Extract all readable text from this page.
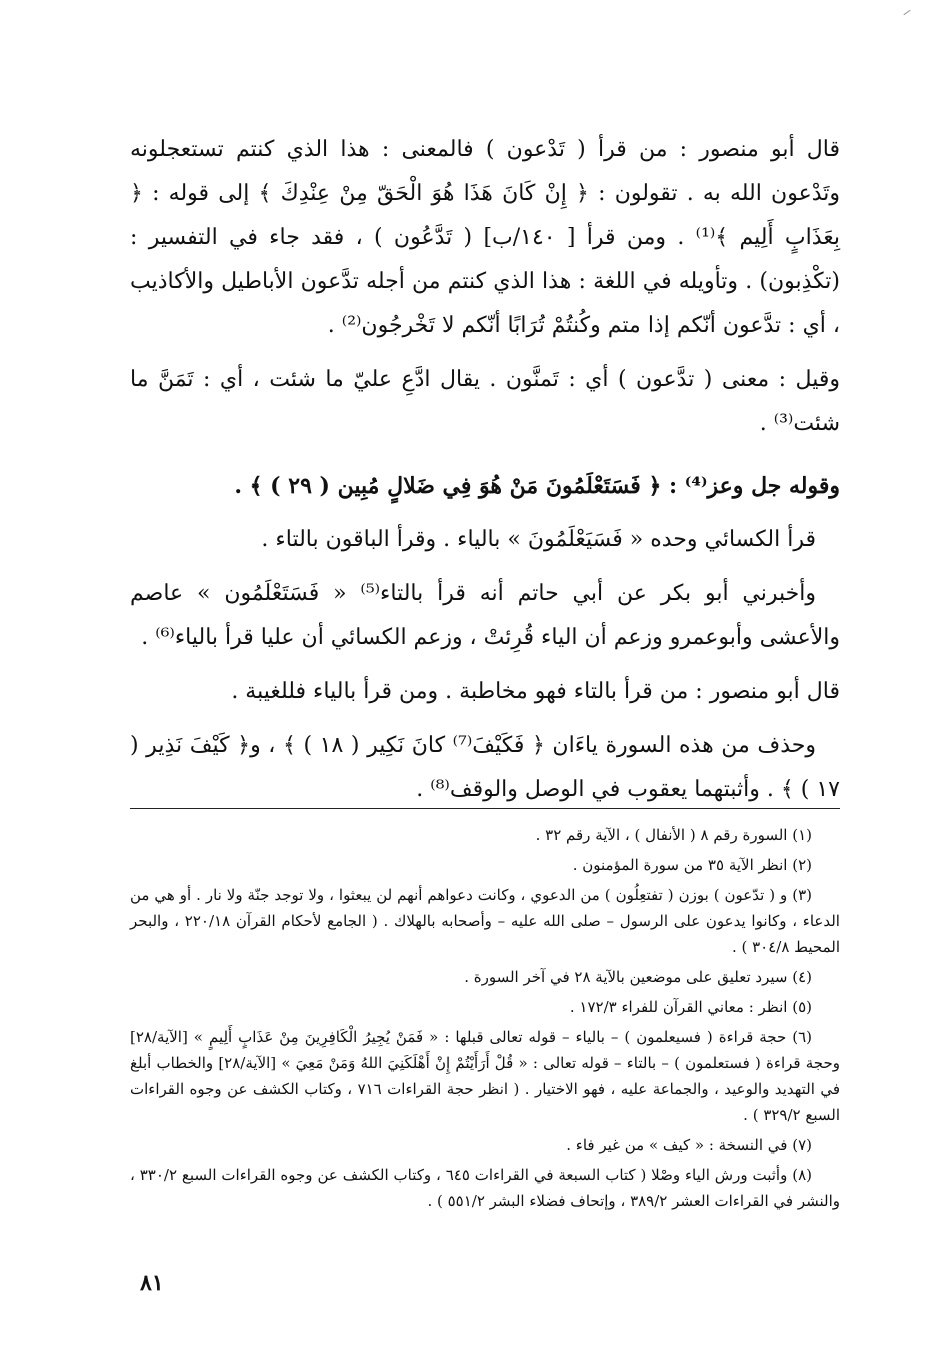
قال أبو منصور : من قرأ ( تَدْعون ) فالمعنى : هذا الذي كنتم تستعجلونه وتَدْعون الله به . تقولون : ﴿ إِنْ كَانَ هَذَا هُوَ الْحَقّ مِنْ عِنْدِكَ ﴾ إلى قوله : ﴿ بِعَذَابٍ أَلِيم ﴾⁽¹⁾ . ومن قرأ [ ١٤٠/ب] ( تَدَّعُون ) ، فقد جاء في التفسير : (تكْذِبون) . وتأويله في اللغة : هذا الذي كنتم من أجله تدَّعون الأباطيل والأكاذيب ، أي : تدَّعون أنّكم إذا متم وكُنتُمْ تُرَابًا أنّكم لا تَخْرجُون⁽²⁾ .

وقيل : معنى ( تدَّعون ) أي : تَمنَّون . يقال ادَّعِ عليّ ما شئت ، أي : تَمَنَّ ما شئت⁽³⁾ .

وقوله جل وعز⁽⁴⁾ : ﴿ فَسَتَعْلَمُونَ مَنْ هُوَ فِي ضَلالٍ مُبِين ( ٢٩ ) ﴾ .

قرأ الكسائي وحده « فَسَيَعْلَمُونَ » بالياء . وقرأ الباقون بالتاء .

وأخبرني أبو بكر عن أبي حاتم أنه قرأ بالتاء⁽⁵⁾ « فَسَتَعْلَمُون » عاصم والأعشى وأبوعمرو وزعم أن الياء قُرِئتْ ، وزعم الكسائي أن عليا قرأ بالياء⁽⁶⁾ .

قال أبو منصور : من قرأ بالتاء فهو مخاطبة . ومن قرأ بالياء فللغيبة .

وحذف من هذه السورة ياءَان ﴿ فَكَيْفَ⁽⁷⁾ كانَ نَكِير ( ١٨ ) ﴾ ، و﴿ كَيْفَ نَذِير ( ١٧ ) ﴾ . وأثبتهما يعقوب في الوصل والوقف⁽⁸⁾ .

(١) السورة رقم ٨ ( الأنفال ) ، الآية رقم ٣٢ .

(٢) انظر الآية ٣٥ من سورة المؤمنون .

(٣) و ( تدّعون ) بوزن ( تفتعِلُون ) من الدعوي ، وكانت دعواهم أنهم لن يبعثوا ، ولا توجد جنّة ولا نار . أو هي من الدعاء ، وكانوا يدعون على الرسول – صلى الله عليه – وأصحابه بالهلاك . ( الجامع لأحكام القرآن ٢٢٠/١٨ ، والبحر المحيط ٣٠٤/٨ ) .

(٤) سيرد تعليق على موضعين بالآية ٢٨ في آخر السورة .

(٥) انظر : معاني القرآن للفراء ١٧٢/٣ .

(٦) حجة قراءة ( فسيعلمون ) – بالياء – قوله تعالى قبلها : « فَمَنْ يُجِيرُ الْكَافِرِينَ مِنْ عَذَابٍ أَلِيمٍ » [الآية/٢٨] وحجة قراءة ( فستعلمون ) – بالتاء – قوله تعالى : « قُلْ أَرَأَيْتُمْ إِنْ أَهْلَكَنِيَ اللهُ وَمَنْ مَعِيَ » [الآية/٢٨] والخطاب أبلغ في التهديد والوعيد ، والجماعة عليه ، فهو الاختيار . ( انظر حجة القراءات ٧١٦ ، وكتاب الكشف عن وجوه القراءات السبع ٣٢٩/٢ ) .

(٧) في النسخة : « كيف » من غير فاء .

(٨) وأثبت ورش الياء وصْلا ( كتاب السبعة في القراءات ٦٤٥ ، وكتاب الكشف عن وجوه القراءات السبع ٣٣٠/٢ ، والنشر في القراءات العشر ٣٨٩/٢ ، وإتحاف فضلاء البشر ٥٥١/٢ ) .

٨١
